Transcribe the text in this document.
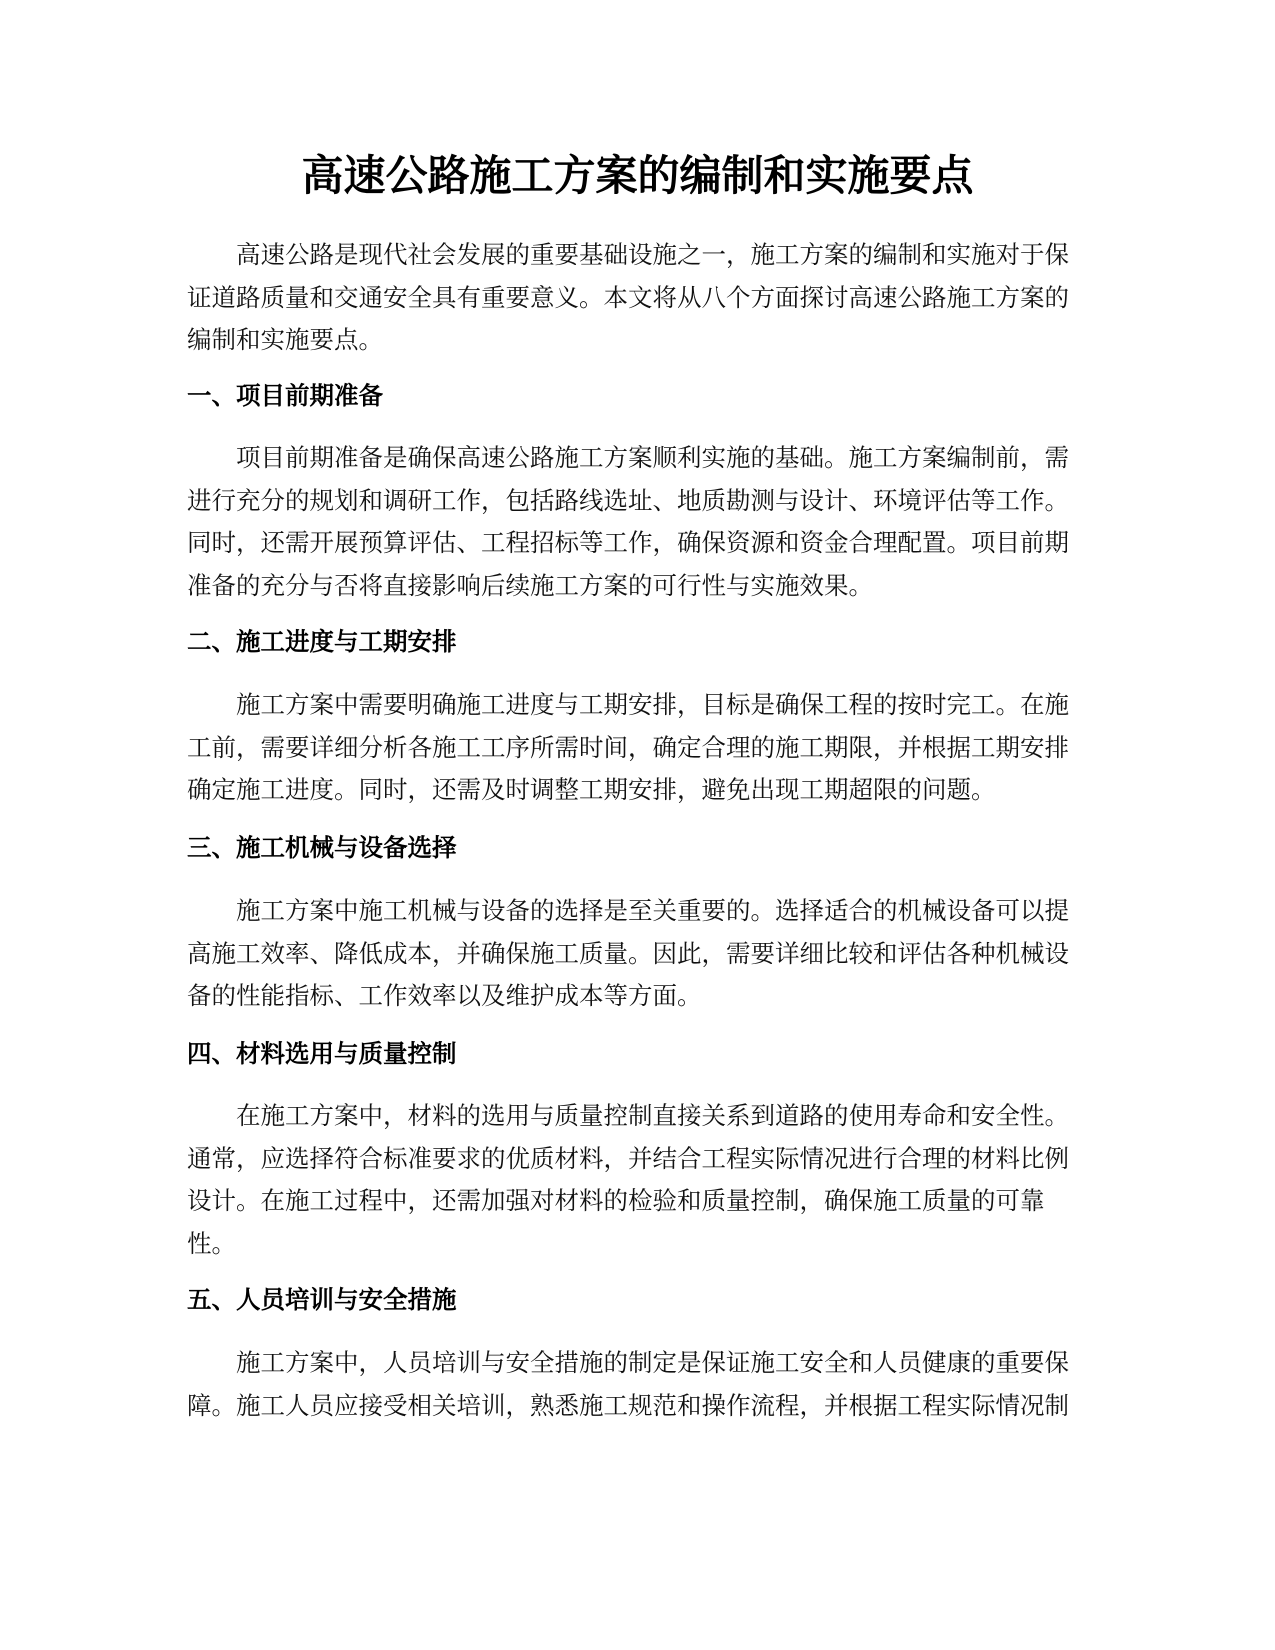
高速公路施工方案的编制和实施要点

高速公路是现代社会发展的重要基础设施之一，施工方案的编制和实施对于保证道路质量和交通安全具有重要意义。本文将从八个方面探讨高速公路施工方案的编制和实施要点。

一、项目前期准备

项目前期准备是确保高速公路施工方案顺利实施的基础。施工方案编制前，需进行充分的规划和调研工作，包括路线选址、地质勘测与设计、环境评估等工作。同时，还需开展预算评估、工程招标等工作，确保资源和资金合理配置。项目前期准备的充分与否将直接影响后续施工方案的可行性与实施效果。

二、施工进度与工期安排

施工方案中需要明确施工进度与工期安排，目标是确保工程的按时完工。在施工前，需要详细分析各施工工序所需时间，确定合理的施工期限，并根据工期安排确定施工进度。同时，还需及时调整工期安排，避免出现工期超限的问题。

三、施工机械与设备选择

施工方案中施工机械与设备的选择是至关重要的。选择适合的机械设备可以提高施工效率、降低成本，并确保施工质量。因此，需要详细比较和评估各种机械设备的性能指标、工作效率以及维护成本等方面。

四、材料选用与质量控制

在施工方案中，材料的选用与质量控制直接关系到道路的使用寿命和安全性。通常，应选择符合标准要求的优质材料，并结合工程实际情况进行合理的材料比例设计。在施工过程中，还需加强对材料的检验和质量控制，确保施工质量的可靠性。

五、人员培训与安全措施

施工方案中，人员培训与安全措施的制定是保证施工安全和人员健康的重要保障。施工人员应接受相关培训，熟悉施工规范和操作流程，并根据工程实际情况制
